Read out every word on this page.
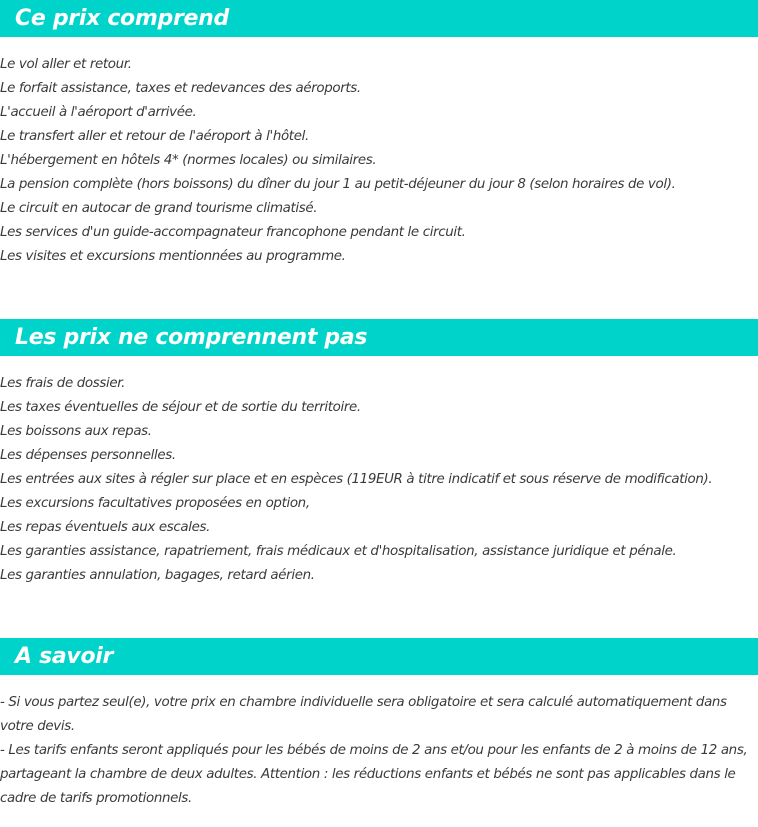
Ce prix comprend

Le vol aller et retour.

Le forfait assistance, taxes et redevances des aéroports.

L'accueil à l'aéroport d'arrivée.

Le transfert aller et retour de l'aéroport à l'hôtel.

L'hébergement en hôtels 4* (normes locales) ou similaires.

La pension complète (hors boissons) du dîner du jour 1 au petit-déjeuner du jour 8 (selon horaires de vol).

Le circuit en autocar de grand tourisme climatisé.

Les services d'un guide-accompagnateur francophone pendant le circuit.

Les visites et excursions mentionnées au programme.

Les prix ne comprennent pas

Les frais de dossier.

Les taxes éventuelles de séjour et de sortie du territoire.

Les boissons aux repas.

Les dépenses personnelles.

Les entrées aux sites à régler sur place et en espèces (119EUR à titre indicatif et sous réserve de modification).

Les excursions facultatives proposées en option,

Les repas éventuels aux escales.

Les garanties assistance, rapatriement, frais médicaux et d'hospitalisation, assistance juridique et pénale.

Les garanties annulation, bagages, retard aérien.

A savoir

- Si vous partez seul(e), votre prix en chambre individuelle sera obligatoire et sera calculé automatiquement dans votre devis.

- Les tarifs enfants seront appliqués pour les bébés de moins de 2 ans et/ou pour les enfants de 2 à moins de 12 ans, partageant la chambre de deux adultes. Attention : les réductions enfants et bébés ne sont pas applicables dans le cadre de tarifs promotionnels.
